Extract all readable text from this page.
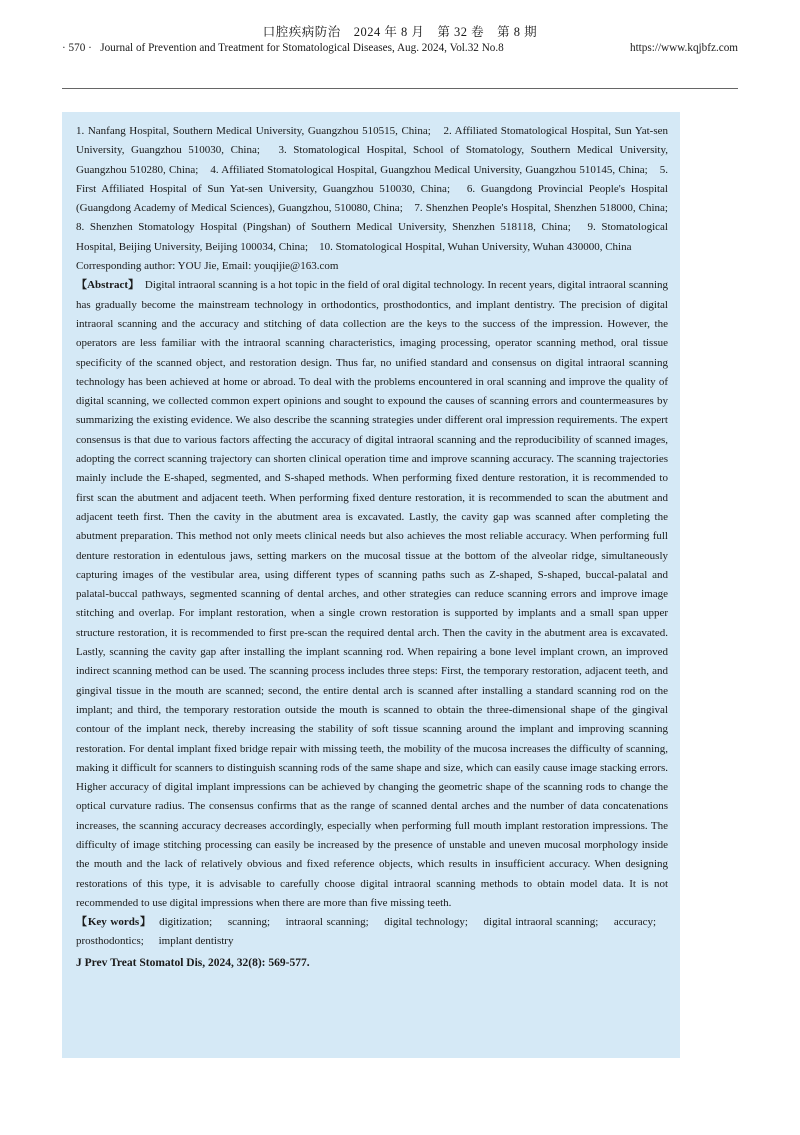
口腔疾病防治　2024 年 8 月　第 32 卷　第 8 期
· 570 · Journal of Prevention and Treatment for Stomatological Diseases, Aug. 2024, Vol.32 No.8	https://www.kqjbfz.com

1. Nanfang Hospital, Southern Medical University, Guangzhou 510515, China;　2. Affiliated Stomatological Hospital, Sun Yat-sen University, Guangzhou 510030, China;　3. Stomatological Hospital, School of Stomatology, Southern Medical University, Guangzhou 510280, China;　4. Affiliated Stomatological Hospital, Guangzhou Medical University, Guangzhou 510145, China;　5. First Affiliated Hospital of Sun Yat-sen University, Guangzhou 510030, China;　6. Guangdong Provincial People's Hospital (Guangdong Academy of Medical Sciences), Guangzhou, 510080, China;　7. Shenzhen People's Hospital, Shenzhen 518000, China;　8. Shenzhen Stomatology Hospital (Pingshan) of Southern Medical University, Shenzhen 518118, China;　9. Stomatological Hospital, Beijing University, Beijing 100034, China;　10. Stomatological Hospital, Wuhan University, Wuhan 430000, China

Corresponding author: YOU Jie, Email: youqijie@163.com

【Abstract】 Digital intraoral scanning is a hot topic in the field of oral digital technology. In recent years, digital intraoral scanning has gradually become the mainstream technology in orthodontics, prosthodontics, and implant dentistry. The precision of digital intraoral scanning and the accuracy and stitching of data collection are the keys to the success of the impression. However, the operators are less familiar with the intraoral scanning characteristics, imaging processing, operator scanning method, oral tissue specificity of the scanned object, and restoration design. Thus far, no unified standard and consensus on digital intraoral scanning technology has been achieved at home or abroad. To deal with the problems encountered in oral scanning and improve the quality of digital scanning, we collected common expert opinions and sought to expound the causes of scanning errors and countermeasures by summarizing the existing evidence. We also describe the scanning strategies under different oral impression requirements. The expert consensus is that due to various factors affecting the accuracy of digital intraoral scanning and the reproducibility of scanned images, adopting the correct scanning trajectory can shorten clinical operation time and improve scanning accuracy. The scanning trajectories mainly include the E-shaped, segmented, and S-shaped methods. When performing fixed denture restoration, it is recommended to first scan the abutment and adjacent teeth. When performing fixed denture restoration, it is recommended to scan the abutment and adjacent teeth first. Then the cavity in the abutment area is excavated. Lastly, the cavity gap was scanned after completing the abutment preparation. This method not only meets clinical needs but also achieves the most reliable accuracy. When performing full denture restoration in edentulous jaws, setting markers on the mucosal tissue at the bottom of the alveolar ridge, simultaneously capturing images of the vestibular area, using different types of scanning paths such as Z-shaped, S-shaped, buccal-palatal and palatal-buccal pathways, segmented scanning of dental arches, and other strategies can reduce scanning errors and improve image stitching and overlap. For implant restoration, when a single crown restoration is supported by implants and a small span upper structure restoration, it is recommended to first pre-scan the required dental arch. Then the cavity in the abutment area is excavated. Lastly, scanning the cavity gap after installing the implant scanning rod. When repairing a bone level implant crown, an improved indirect scanning method can be used. The scanning process includes three steps: First, the temporary restoration, adjacent teeth, and gingival tissue in the mouth are scanned; second, the entire dental arch is scanned after installing a standard scanning rod on the implant; and third, the temporary restoration outside the mouth is scanned to obtain the three-dimensional shape of the gingival contour of the implant neck, thereby increasing the stability of soft tissue scanning around the implant and improving scanning restoration. For dental implant fixed bridge repair with missing teeth, the mobility of the mucosa increases the difficulty of scanning, making it difficult for scanners to distinguish scanning rods of the same shape and size, which can easily cause image stacking errors. Higher accuracy of digital implant impressions can be achieved by changing the geometric shape of the scanning rods to change the optical curvature radius. The consensus confirms that as the range of scanned dental arches and the number of data concatenations increases, the scanning accuracy decreases accordingly, especially when performing full mouth implant restoration impressions. The difficulty of image stitching processing can easily be increased by the presence of unstable and uneven mucosal morphology inside the mouth and the lack of relatively obvious and fixed reference objects, which results in insufficient accuracy. When designing restorations of this type, it is advisable to carefully choose digital intraoral scanning methods to obtain model data. It is not recommended to use digital impressions when there are more than five missing teeth.

【Key words】 digitization; scanning; intraoral scanning; digital technology; digital intraoral scanning; accuracy; prosthodontics; implant dentistry

J Prev Treat Stomatol Dis, 2024, 32(8): 569-577.
